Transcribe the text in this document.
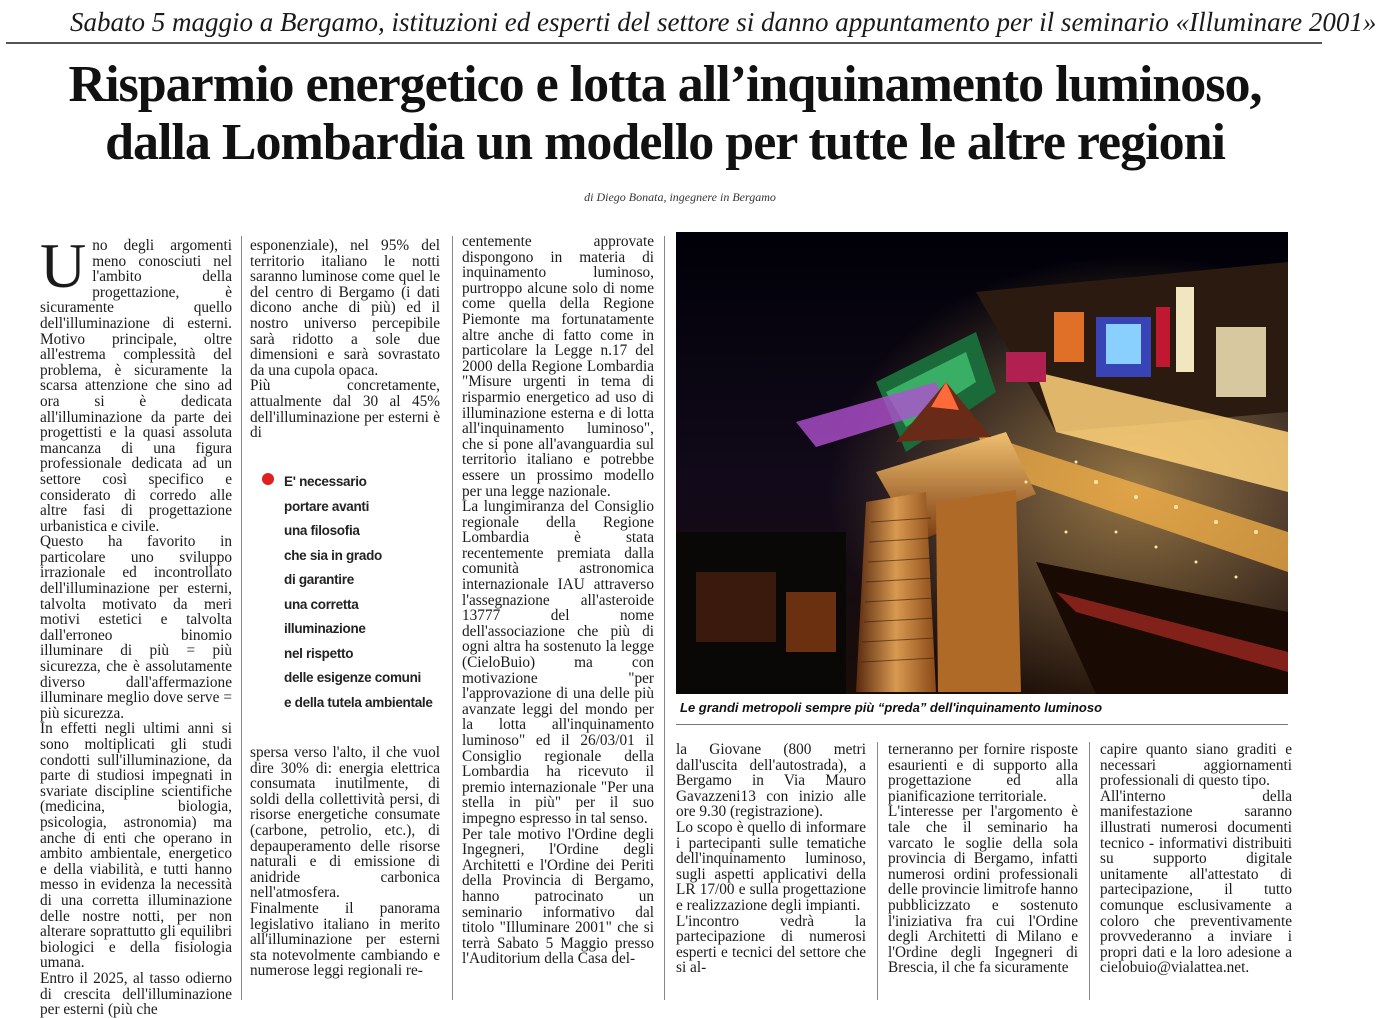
Sabato 5 maggio a Bergamo, istituzioni ed esperti del settore si danno appuntamento per il seminario «Illuminare 2001»
Risparmio energetico e lotta all’inquinamento luminoso,
dalla Lombardia un modello per tutte le altre regioni
di Diego Bonata, ingegnere in Bergamo

Uno degli argomenti meno conosciuti nel l'ambito della progettazione, è sicuramente quello dell'illuminazione di esterni. Motivo principale, oltre all'estrema complessità del problema, è sicuramente la scarsa attenzione che sino ad ora si è dedicata all'illuminazione da parte dei progettisti e la quasi assoluta mancanza di una figura professionale dedicata ad un settore così specifico e considerato di corredo alle altre fasi di progettazione urbanistica e civile.

Questo ha favorito in particolare uno sviluppo irrazionale ed incontrollato dell'illuminazione per esterni, talvolta motivato da meri motivi estetici e talvolta dall'erroneo binomio illuminare di più = più sicurezza, che è assolutamente diverso dall'affermazione illuminare meglio dove serve = più sicurezza.

In effetti negli ultimi anni si sono moltiplicati gli studi condotti sull'illuminazione, da parte di studiosi impegnati in svariate discipline scientifiche (medicina, biologia, psicologia, astronomia) ma anche di enti che operano in ambito ambientale, energetico e della viabilità, e tutti hanno messo in evidenza la necessità di una corretta illuminazione delle nostre notti, per non alterare soprattutto gli equilibri biologici e della fisiologia umana.

Entro il 2025, al tasso odierno di crescita dell'illuminazione per esterni (più che

esponenziale), nel 95% del territorio italiano le notti saranno luminose come quel le del centro di Bergamo (i dati dicono anche di più) ed il nostro universo percepibile sarà ridotto a sole due dimensioni e sarà sovrastato da una cupola opaca.

Più concretamente, attualmente dal 30 al 45% dell'illuminazione per esterni è di

E' necessario
portare avanti
una filosofia
che sia in grado
di garantire
una corretta
illuminazione
nel rispetto
delle esigenze comuni
e della tutela ambientale

spersa verso l'alto, il che vuol dire 30% di: energia elettrica consumata inutilmente, di soldi della collettività persi, di risorse energetiche consumate (carbone, petrolio, etc.), di depauperamento delle risorse naturali e di emissione di anidride carbonica nell'atmosfera.

Finalmente il panorama legislativo italiano in merito all'illuminazione per esterni sta notevolmente cambiando e numerose leggi regionali re-

centemente approvate dispongono in materia di inquinamento luminoso, purtroppo alcune solo di nome come quella della Regione Piemonte ma fortunatamente altre anche di fatto come in particolare la Legge n.17 del 2000 della Regione Lombardia "Misure urgenti in tema di risparmio energetico ad uso di illuminazione esterna e di lotta all'inquinamento luminoso", che si pone all'avanguardia sul territorio italiano e potrebbe essere un prossimo modello per una legge nazionale.

La lungimiranza del Consiglio regionale della Regione Lombardia è stata recentemente premiata dalla comunità astronomica internazionale IAU attraverso l'assegnazione all'asteroide 13777 del nome dell'associazione che più di ogni altra ha sostenuto la legge (CieloBuio) ma con motivazione "per l'approvazione di una delle più avanzate leggi del mondo per la lotta all'inquinamento luminoso" ed il 26/03/01 il Consiglio regionale della Lombardia ha ricevuto il premio internazionale "Per una stella in più" per il suo impegno espresso in tal senso.

Per tale motivo l'Ordine degli Ingegneri, l'Ordine degli Architetti e l'Ordine dei Periti della Provincia di Bergamo, hanno patrocinato un seminario informativo dal titolo "Illuminare 2001" che si terrà Sabato 5 Maggio presso l'Auditorium della Casa del-

Le grandi metropoli sempre più “preda” dell'inquinamento luminoso

la Giovane (800 metri dall'uscita dell'autostrada), a Bergamo in Via Mauro Gavazzeni13 con inizio alle ore 9.30 (registrazione).

Lo scopo è quello di informare i partecipanti sulle tematiche dell'inquinamento luminoso, sugli aspetti applicativi della LR 17/00 e sulla progettazione e realizzazione degli impianti.

L'incontro vedrà la partecipazione di numerosi esperti e tecnici del settore che si al-

terneranno per fornire risposte esaurienti e di supporto alla progettazione ed alla pianificazione territoriale.

L'interesse per l'argomento è tale che il seminario ha varcato le soglie della sola provincia di Bergamo, infatti numerosi ordini professionali delle provincie limitrofe hanno pubblicizzato e sostenuto l'iniziativa fra cui l'Ordine degli Architetti di Milano e l'Ordine degli Ingegneri di Brescia, il che fa sicuramente

capire quanto siano graditi e necessari aggiornamenti professionali di questo tipo.

All'interno della manifestazione saranno illustrati numerosi documenti tecnico - informativi distribuiti su supporto digitale unitamente all'attestato di partecipazione, il tutto comunque esclusivamente a coloro che preventivamente provvederanno a inviare i propri dati e la loro adesione a cielobuio@vialattea.net.
